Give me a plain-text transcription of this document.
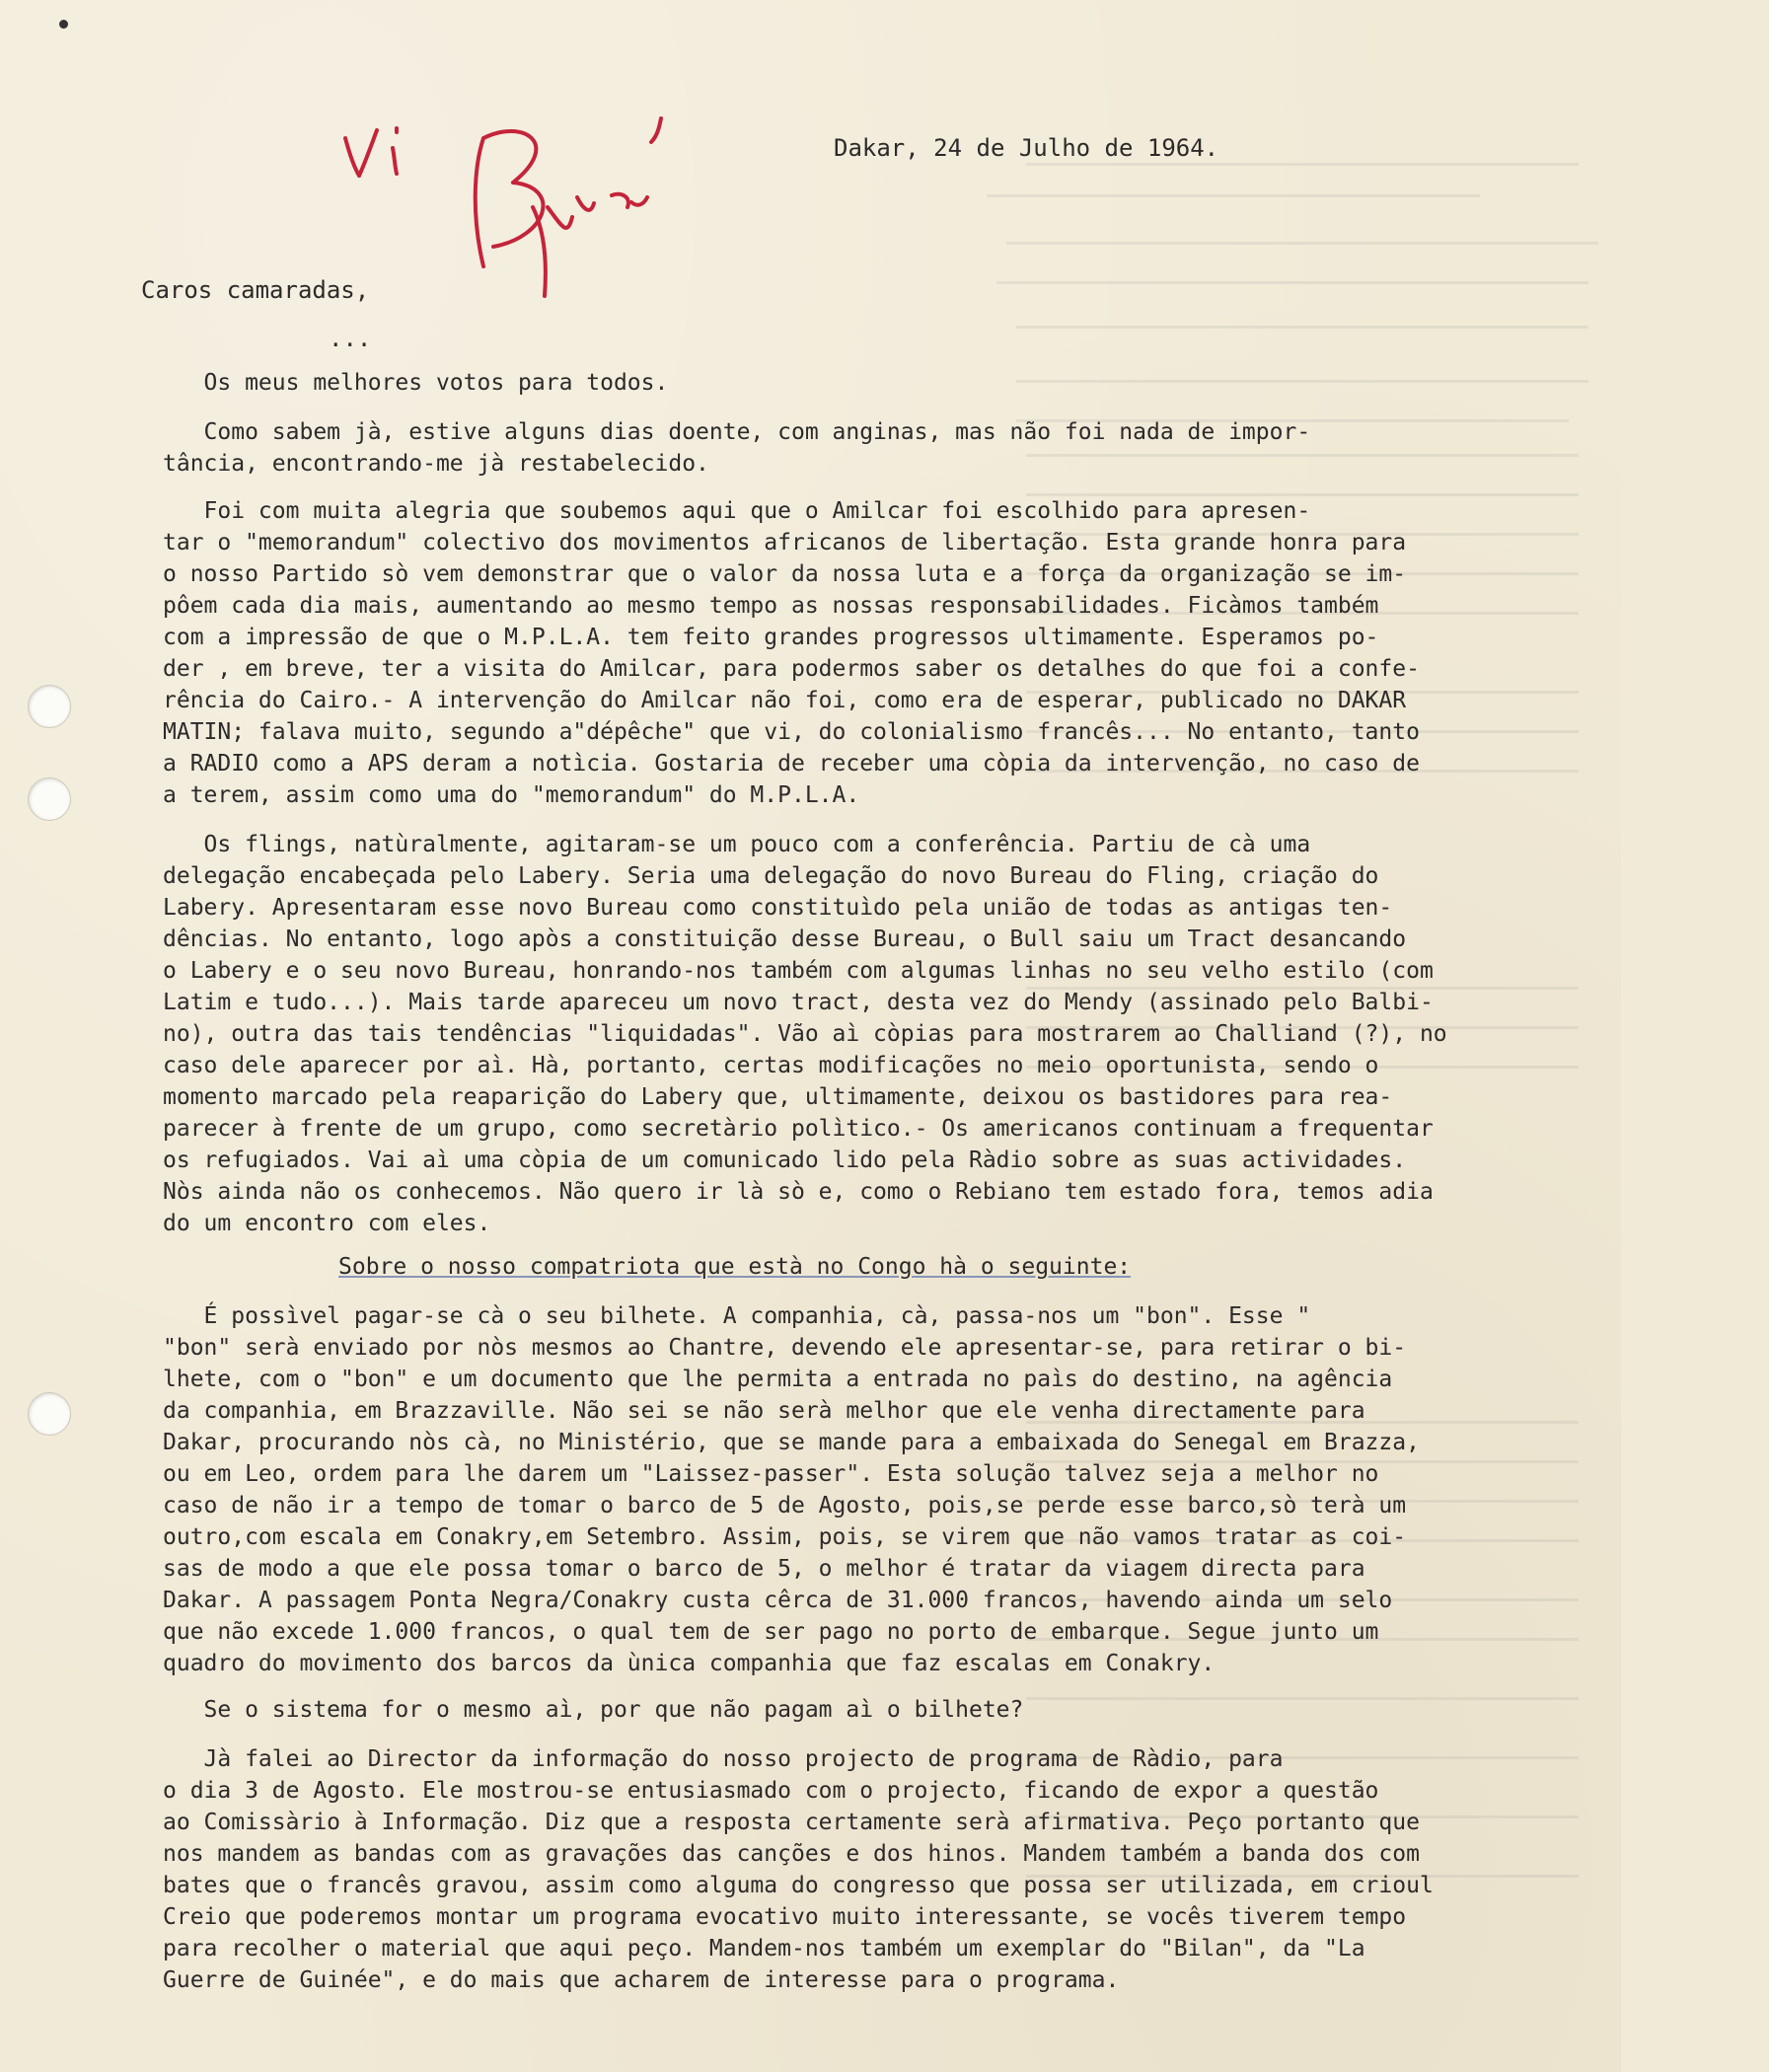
Vi / Bysí
Dakar, 24 de Julho de 1964.
Caros camaradas,
...
Os meus melhores votos para todos.
Como sabem jà, estive alguns dias doente, com anginas, mas não foi nada de impor-
tância, encontrando-me jà restabelecido.
Foi com muita alegria que soubemos aqui que o Amilcar foi escolhido para apresen-
tar o "memorandum" colectivo dos movimentos africanos de libertação. Esta grande honra para
o nosso Partido sò vem demonstrar que o valor da nossa luta e a força da organização se im-
pôem cada dia mais, aumentando ao mesmo tempo as nossas responsabilidades. Ficàmos também
com a impressão de que o M.P.L.A. tem feito grandes progressos ultimamente. Esperamos po-
der , em breve, ter a visita do Amilcar, para podermos saber os detalhes do que foi a confe-
rência do Cairo.- A intervenção do Amilcar não foi, como era de esperar, publicado no DAKAR
MATIN; falava muito, segundo a"dépêche" que vi, do colonialismo francês... No entanto, tanto
a RADIO como a APS deram a notìcia. Gostaria de receber uma còpia da intervenção, no caso de
a terem, assim como uma do "memorandum" do M.P.L.A.
Os flings, natùralmente, agitaram-se um pouco com a conferência. Partiu de cà uma
delegação encabeçada pelo Labery. Seria uma delegação do novo Bureau do Fling, criação do
Labery. Apresentaram esse novo Bureau como constituìdo pela união de todas as antigas ten-
dências. No entanto, logo apòs a constituição desse Bureau, o Bull saiu um Tract desancando
o Labery e o seu novo Bureau, honrando-nos também com algumas linhas no seu velho estilo (com
Latim e tudo...). Mais tarde apareceu um novo tract, desta vez do Mendy (assinado pelo Balbi-
no), outra das tais tendências "liquidadas". Vão aì còpias para mostrarem ao Challiand (?), no
caso dele aparecer por aì. Hà, portanto, certas modificações no meio oportunista, sendo o
momento marcado pela reaparição do Labery que, ultimamente, deixou os bastidores para rea-
parecer à frente de um grupo, como secretàrio polìtico.- Os americanos continuam a frequentar
os refugiados. Vai aì uma còpia de um comunicado lido pela Ràdio sobre as suas actividades.
Nòs ainda não os conhecemos. Não quero ir là sò e, como o Rebiano tem estado fora, temos adia
do um encontro com eles.
Sobre o nosso compatriota que està no Congo hà o seguinte:
É possìvel pagar-se cà o seu bilhete. A companhia, cà, passa-nos um "bon". Esse "
"bon" serà enviado por nòs mesmos ao Chantre, devendo ele apresentar-se, para retirar o bi-
lhete, com o "bon" e um documento que lhe permita a entrada no paìs do destino, na agência
da companhia, em Brazzaville. Não sei se não serà melhor que ele venha directamente para
Dakar, procurando nòs cà, no Ministério, que se mande para a embaixada do Senegal em Brazza,
ou em Leo, ordem para lhe darem um "Laissez-passer". Esta solução talvez seja a melhor no
caso de não ir a tempo de tomar o barco de 5 de Agosto, pois,se perde esse barco,sò terà um
outro,com escala em Conakry,em Setembro. Assim, pois, se virem que não vamos tratar as coi-
sas de modo a que ele possa tomar o barco de 5, o melhor é tratar da viagem directa para
Dakar. A passagem Ponta Negra/Conakry custa cêrca de 31.000 francos, havendo ainda um selo
que não excede 1.000 francos, o qual tem de ser pago no porto de embarque. Segue junto um
quadro do movimento dos barcos da ùnica companhia que faz escalas em Conakry.
Se o sistema for o mesmo aì, por que não pagam aì o bilhete?
Jà falei ao Director da informação do nosso projecto de programa de Ràdio, para
o dia 3 de Agosto. Ele mostrou-se entusiasmado com o projecto, ficando de expor a questão
ao Comissàrio à Informação. Diz que a resposta certamente serà afirmativa. Peço portanto que
nos mandem as bandas com as gravações das canções e dos hinos. Mandem também a banda dos com
bates que o francês gravou, assim como alguma do congresso que possa ser utilizada, em crioul
Creio que poderemos montar um programa evocativo muito interessante, se vocês tiverem tempo
para recolher o material que aqui peço. Mandem-nos também um exemplar do "Bilan", da "La
Guerre de Guinée", e do mais que acharem de interesse para o programa.
